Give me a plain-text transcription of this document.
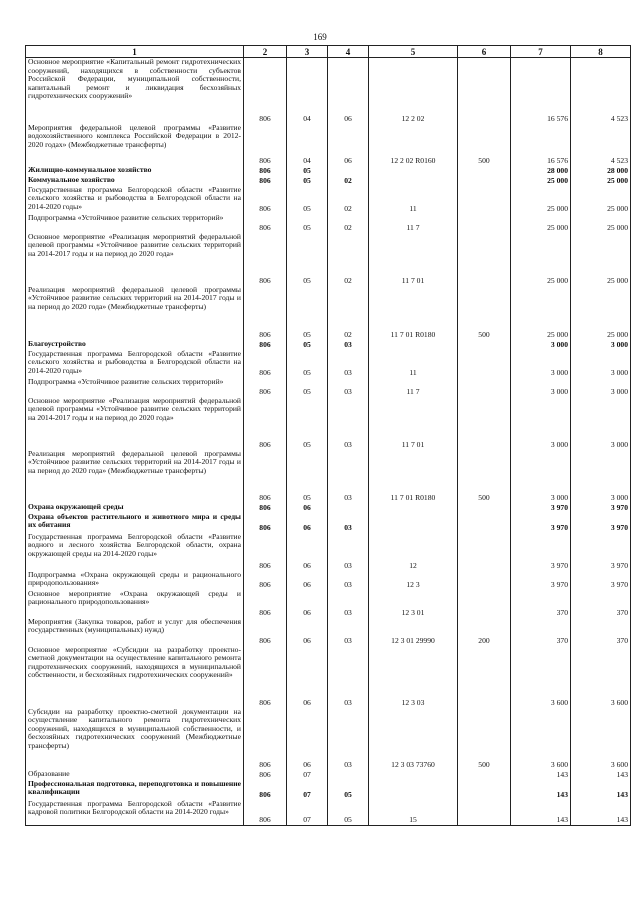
169
1	2	3	4	5	6	7	8
Основное мероприятие «Капитальный ремонт гидротехнических сооружений, находящихся в собственности субъектов Российской Федерации, муниципальной собственности, капитальный ремонт и ликвидация бесхозяйных гидротехнических сооружений»	806	04	06	12 2 02		16 576	4 523
Мероприятия федеральной целевой программы «Развитие водохозяйственного комплекса Российской Федерации в 2012-2020 годах» (Межбюджетные трансферты)	806	04	06	12 2 02 R0160	500	16 576	4 523
Жилищно-коммунальное хозяйство	806	05				28 000	28 000
Коммунальное хозяйство	806	05	02			25 000	25 000
Государственная программа Белгородской области «Развитие сельского хозяйства и рыбоводства в Белгородской области на 2014-2020 годы»	806	05	02	11		25 000	25 000
Подпрограмма «Устойчивое развитие сельских территорий»	806	05	02	11 7		25 000	25 000
Основное мероприятие «Реализация мероприятий федеральной целевой программы «Устойчивое развитие сельских территорий на 2014-2017 годы и на период до 2020 года»	806	05	02	11 7 01		25 000	25 000
Реализация мероприятий федеральной целевой программы «Устойчивое развитие сельских территорий на 2014-2017 годы и на период до 2020 года» (Межбюджетные трансферты)	806	05	02	11 7 01 R0180	500	25 000	25 000
Благоустройство	806	05	03			3 000	3 000
Государственная программа Белгородской области «Развитие сельского хозяйства и рыбоводства в Белгородской области на 2014-2020 годы»	806	05	03	11		3 000	3 000
Подпрограмма «Устойчивое развитие сельских территорий»	806	05	03	11 7		3 000	3 000
Основное мероприятие «Реализация мероприятий федеральной целевой программы «Устойчивое развитие сельских территорий на 2014-2017 годы и на период до 2020 года»	806	05	03	11 7 01		3 000	3 000
Реализация мероприятий федеральной целевой программы «Устойчивое развитие сельских территорий на 2014-2017 годы и на период до 2020 года» (Межбюджетные трансферты)	806	05	03	11 7 01 R0180	500	3 000	3 000
Охрана окружающей среды	806	06				3 970	3 970
Охрана объектов растительного и животного мира и среды их обитания	806	06	03			3 970	3 970
Государственная программа Белгородской области «Развитие водного и лесного хозяйства Белгородской области, охрана окружающей среды на 2014-2020 годы»	806	06	03	12		3 970	3 970
Подпрограмма «Охрана окружающей среды и рационального природопользования»	806	06	03	12 3		3 970	3 970
Основное мероприятие «Охрана окружающей среды и рационального природопользования»	806	06	03	12 3 01		370	370
Мероприятия (Закупка товаров, работ и услуг для обеспечения государственных (муниципальных) нужд)	806	06	03	12 3 01 29990	200	370	370
Основное мероприятие «Субсидии на разработку проектно-сметной документации на осуществление капитального ремонта гидротехнических сооружений, находящихся в муниципальной собственности, и бесхозяйных гидротехнических сооружений»	806	06	03	12 3 03		3 600	3 600
Субсидии на разработку проектно-сметной документации на осуществление капитального ремонта гидротехнических сооружений, находящихся в муниципальной собственности, и бесхозяйных гидротехнических сооружений (Межбюджетные трансферты)	806	06	03	12 3 03 73760	500	3 600	3 600
Образование	806	07				143	143
Профессиональная подготовка, переподготовка и повышение квалификации	806	07	05			143	143
Государственная программа Белгородской области «Развитие кадровой политики Белгородской области на 2014-2020 годы»	806	07	05	15		143	143
